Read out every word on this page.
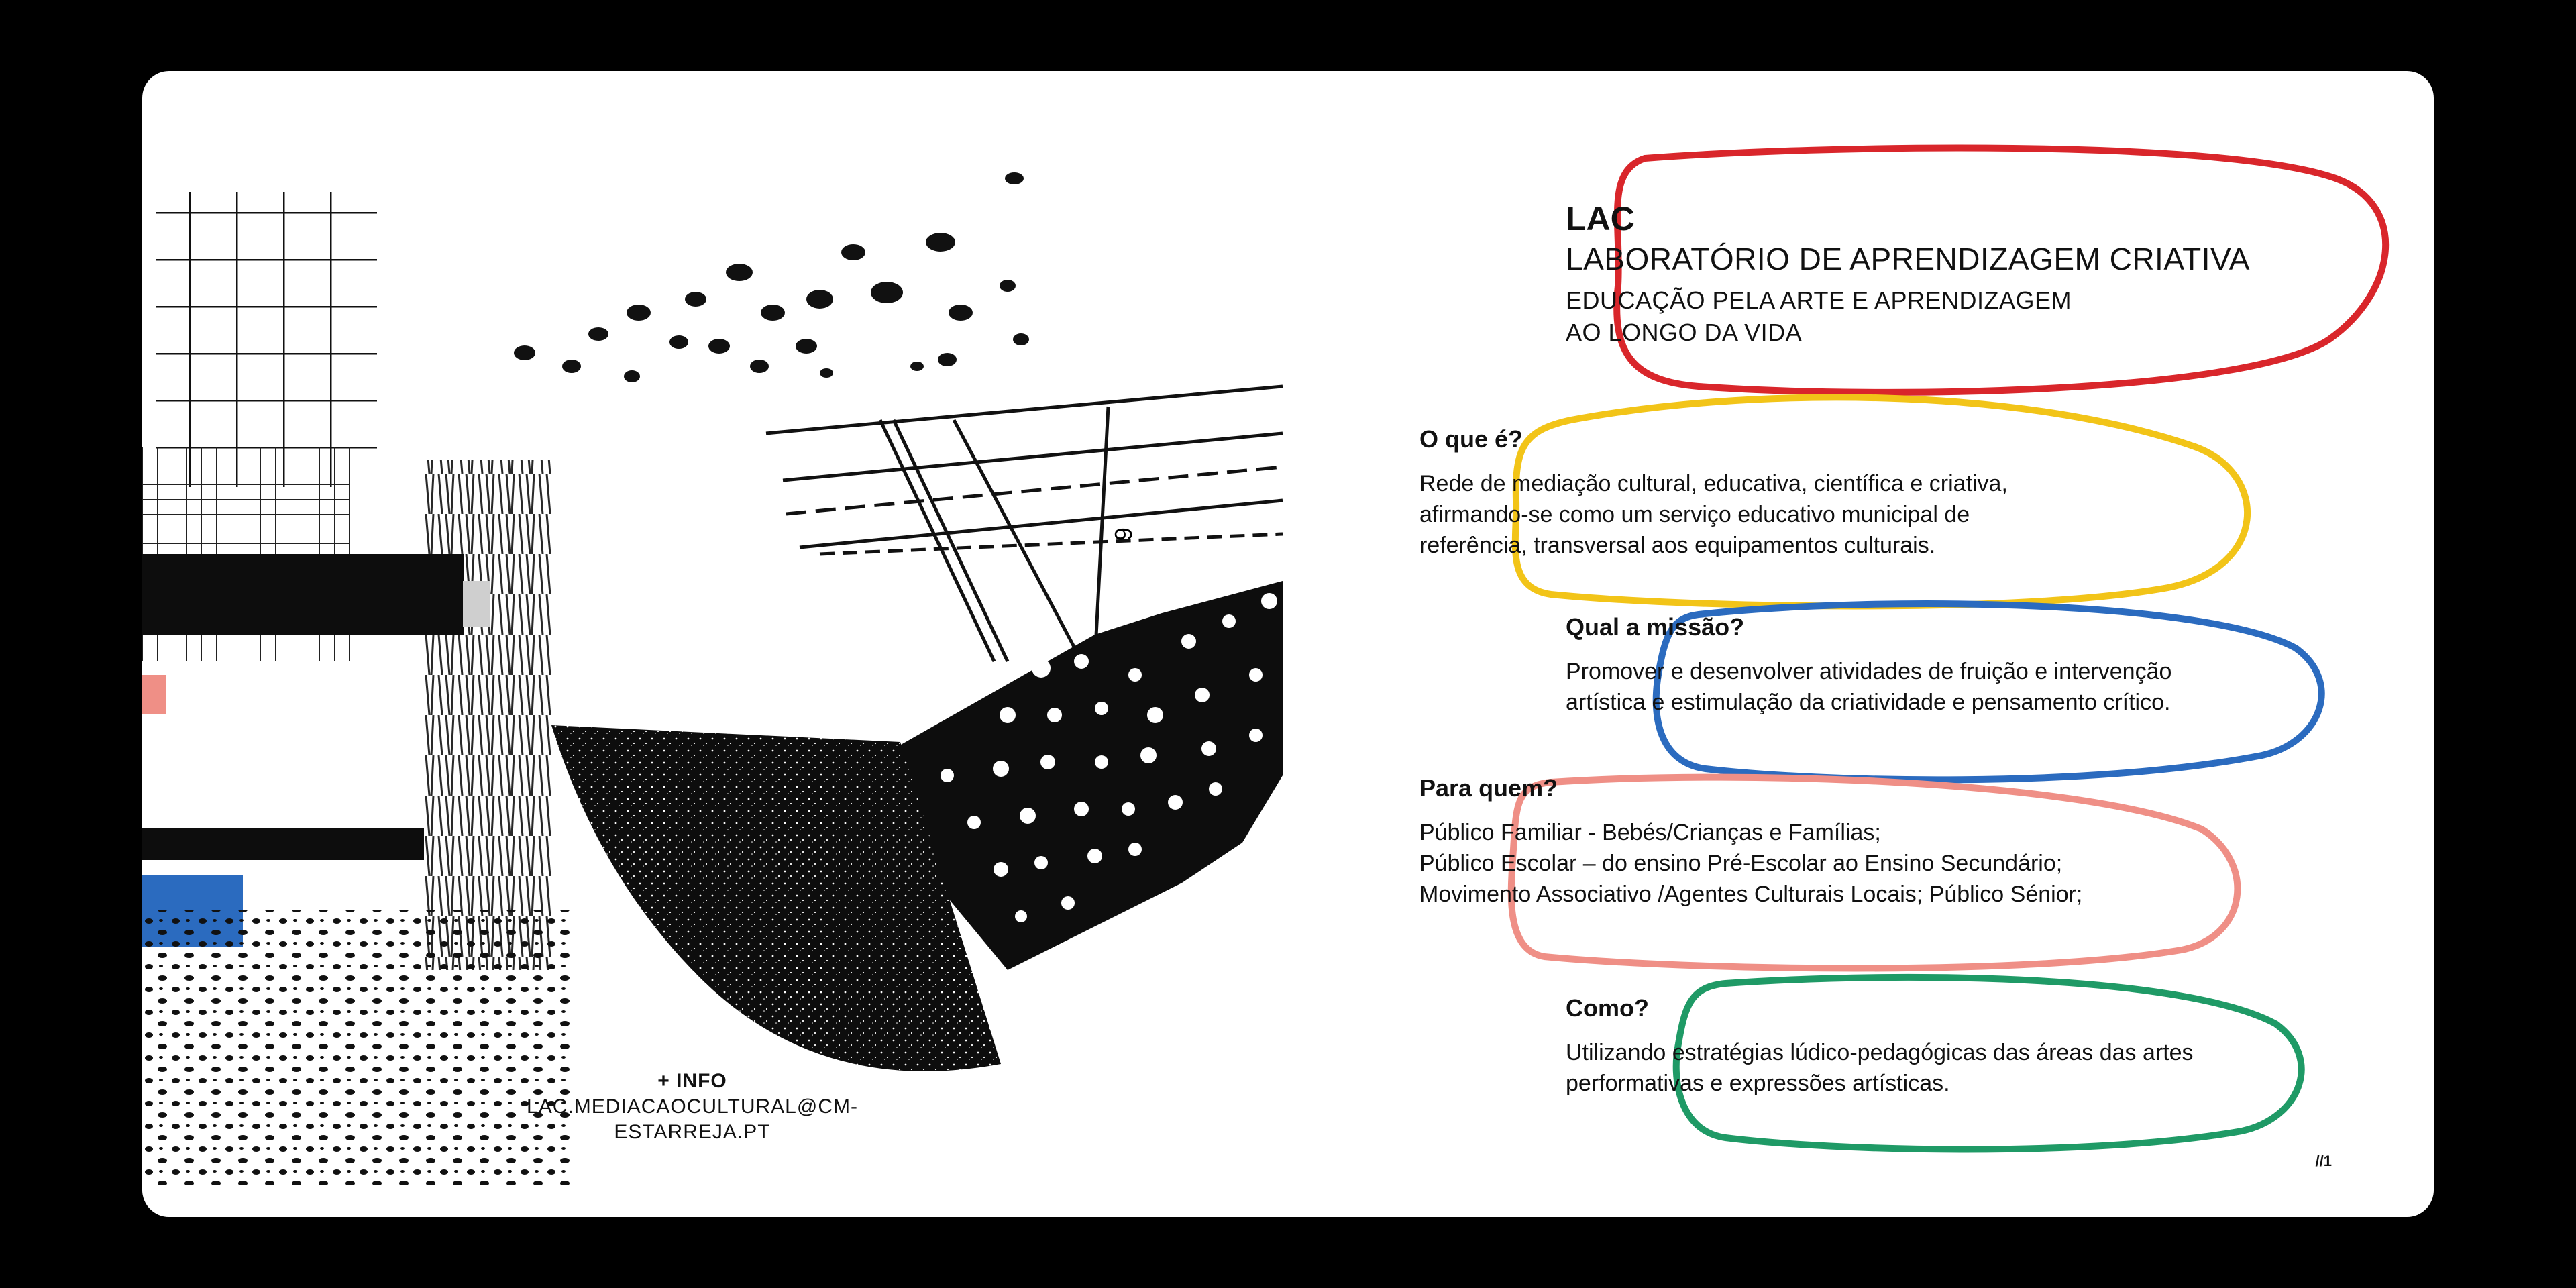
6
+ INFO
LAC.MEDIACAOCULTURAL@CM-ESTARREJA.PT
LAC
LABORATÓRIO DE APRENDIZAGEM CRIATIVA
EDUCAÇÃO PELA ARTE E APRENDIZAGEM
AO LONGO DA VIDA
O que é?
Rede de mediação cultural, educativa, científica e criativa,
afirmando-se como um serviço educativo municipal de
referência, transversal aos equipamentos culturais.
Qual a missão?
Promover e desenvolver atividades de fruição e intervenção
artística e estimulação da criatividade e pensamento crítico.
Para quem?
Público Familiar - Bebés/Crianças e Famílias;
Público Escolar – do ensino Pré-Escolar ao Ensino Secundário;
Movimento Associativo /Agentes Culturais Locais; Público Sénior;
Como?
Utilizando estratégias lúdico-pedagógicas das áreas das artes
performativas e expressões artísticas.
//1
